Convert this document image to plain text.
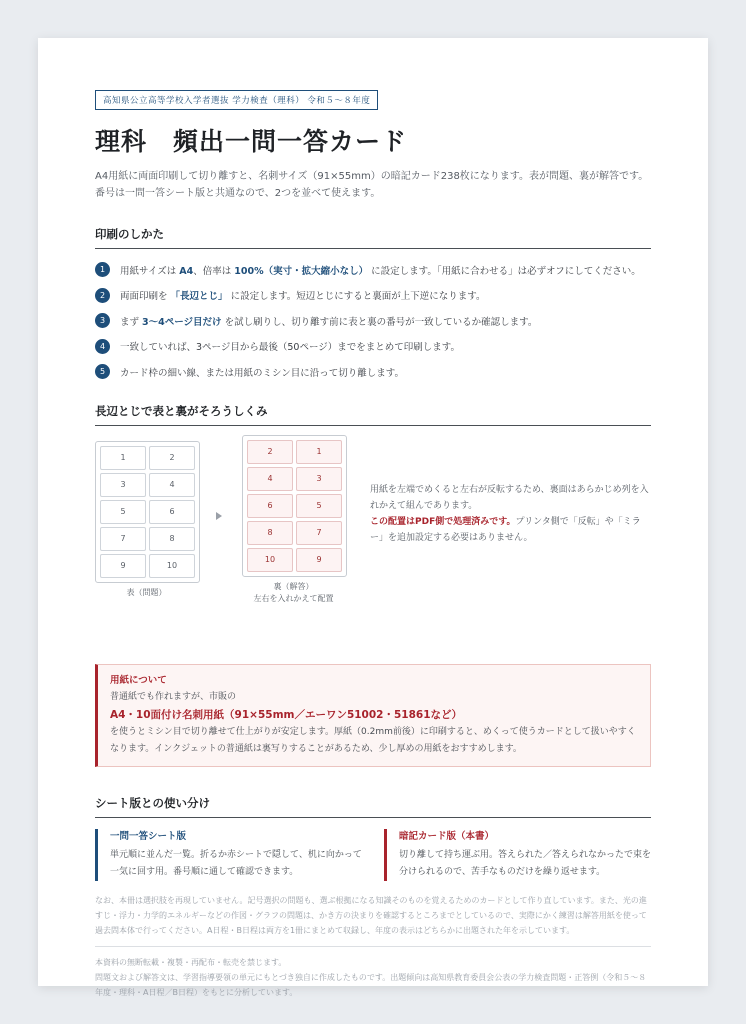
高知県公立高等学校入学者選抜 学力検査（理科） 令和５～８年度
理科　頻出一問一答カード

A4用紙に両面印刷して切り離すと、名刺サイズ（91×55mm）の暗記カード238枚になります。表が問題、裏が解答です。番号は一問一答シート版と共通なので、2つを並べて使えます。

印刷のしかた
1	用紙サイズは A4、倍率は 100%（実寸・拡大縮小なし） に設定します。「用紙に合わせる」は必ずオフにしてください。
2	両面印刷を 「長辺とじ」 に設定します。短辺とじにすると裏面が上下逆になります。
3	まず 3～4ページ目だけ を試し刷りし、切り離す前に表と裏の番号が一致しているか確認します。
4	一致していれば、3ページ目から最後（50ページ）までをまとめて印刷します。
5	カード枠の細い線、または用紙のミシン目に沿って切り離します。
長辺とじで表と裏がそろうしくみ
1	2
3	4
5	6
7	8
9	10
表（問題）
2	1
4	3
6	5
8	7
10	9
裏（解答）
左右を入れかえて配置
用紙を左端でめくると左右が反転するため、裏面はあらかじめ列を入れかえて組んであります。
この配置はPDF側で処理済みです。プリンタ側で「反転」や「ミラー」を追加設定する必要はありません。
用紙について

普通紙でも作れますが、市販の

A4・10面付け名刺用紙（91×55mm／エーワン51002・51861など）

を使うとミシン目で切り離せて仕上がりが安定します。厚紙（0.2mm前後）に印刷すると、めくって使うカードとして扱いやすくなります。インクジェットの普通紙は裏写りすることがあるため、少し厚めの用紙をおすすめします。

シート版との使い分け
一問一答シート版
単元順に並んだ一覧。折るか赤シートで隠して、机に向かって一気に回す用。番号順に通して確認できます。
暗記カード版（本書）
切り離して持ち運ぶ用。答えられた／答えられなかったで束を分けられるので、苦手なものだけを繰り返せます。

なお、本冊は選択肢を再現していません。記号選択の問題も、選ぶ根拠になる知識そのものを覚えるためのカードとして作り直しています。また、光の進すじ・浮力・力学的エネルギーなどの作図・グラフの問題は、かき方の決まりを確認するところまでとしているので、実際にかく練習は解答用紙を使って過去問本体で行ってください。A日程・B日程は両方を1冊にまとめて収録し、年度の表示はどちらかに出題された年を示しています。

本資料の無断転載・複製・再配布・転売を禁じます。
問題文および解答文は、学習指導要領の単元にもとづき独自に作成したものです。出題傾向は高知県教育委員会公表の学力検査問題・正答例（令和５～８年度・理科・A日程／B日程）をもとに分析しています。
